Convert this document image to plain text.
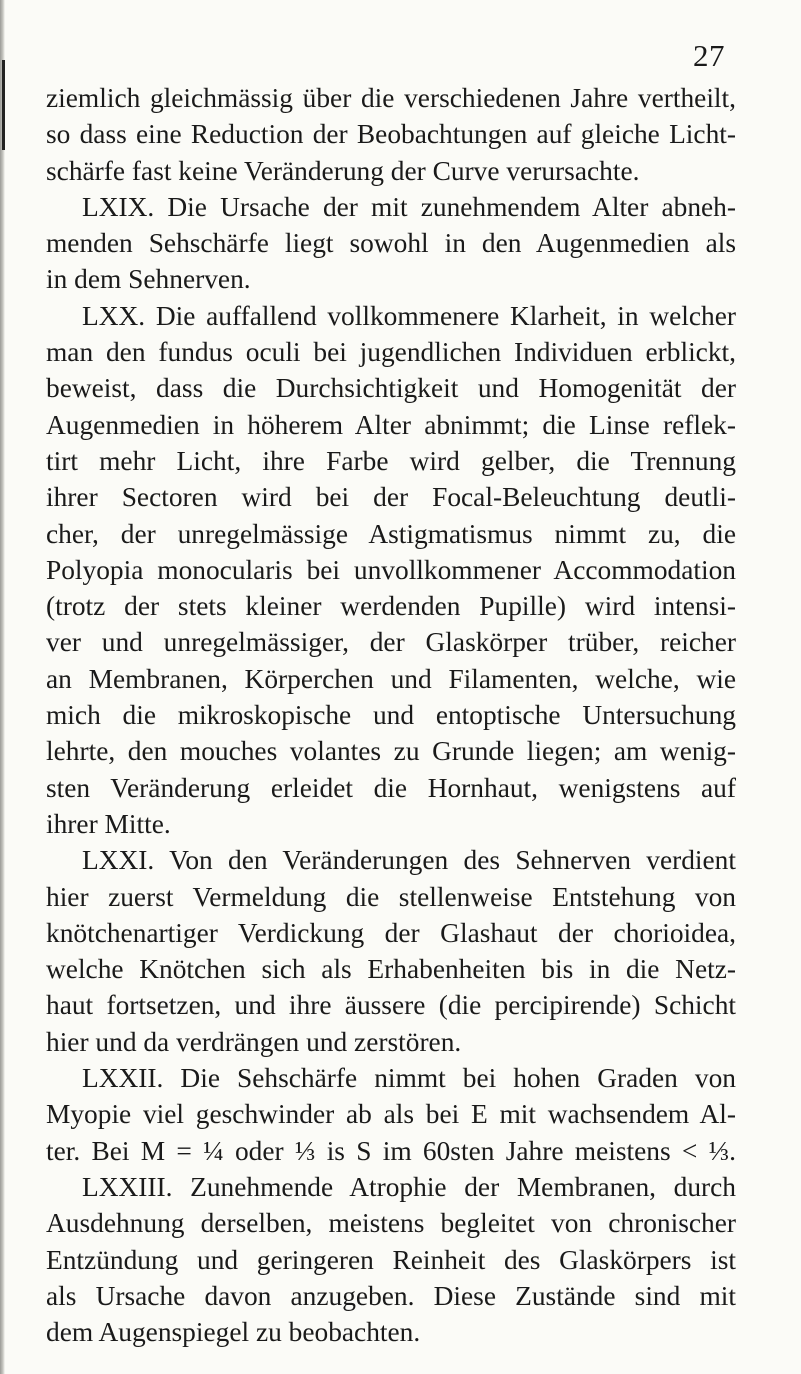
27
ziemlich gleichmässig über die verschiedenen Jahre vertheilt,
so dass eine Reduction der Beobachtungen auf gleiche Licht-
schärfe fast keine Veränderung der Curve verursachte.
LXIX. Die Ursache der mit zunehmendem Alter abneh-
menden Sehschärfe liegt sowohl in den Augenmedien als
in dem Sehnerven.
LXX. Die auffallend vollkommenere Klarheit, in welcher
man den fundus oculi bei jugendlichen Individuen erblickt,
beweist, dass die Durchsichtigkeit und Homogenität der
Augenmedien in höherem Alter abnimmt; die Linse reflek-
tirt mehr Licht, ihre Farbe wird gelber, die Trennung
ihrer Sectoren wird bei der Focal-Beleuchtung deutli-
cher, der unregelmässige Astigmatismus nimmt zu, die
Polyopia monocularis bei unvollkommener Accommodation
(trotz der stets kleiner werdenden Pupille) wird intensi-
ver und unregelmässiger, der Glaskörper trüber, reicher
an Membranen, Körperchen und Filamenten, welche, wie
mich die mikroskopische und entoptische Untersuchung
lehrte, den mouches volantes zu Grunde liegen; am wenig-
sten Veränderung erleidet die Hornhaut, wenigstens auf
ihrer Mitte.
LXXI. Von den Veränderungen des Sehnerven verdient
hier zuerst Vermeldung die stellenweise Entstehung von
knötchenartiger Verdickung der Glashaut der chorioidea,
welche Knötchen sich als Erhabenheiten bis in die Netz-
haut fortsetzen, und ihre äussere (die percipirende) Schicht
hier und da verdrängen und zerstören.
LXXII. Die Sehschärfe nimmt bei hohen Graden von
Myopie viel geschwinder ab als bei E mit wachsendem Al-
ter. Bei M = ¼ oder ⅓ is S im 60sten Jahre meistens < ⅓.
LXXIII. Zunehmende Atrophie der Membranen, durch
Ausdehnung derselben, meistens begleitet von chronischer
Entzündung und geringeren Reinheit des Glaskörpers ist
als Ursache davon anzugeben. Diese Zustände sind mit
dem Augenspiegel zu beobachten.
